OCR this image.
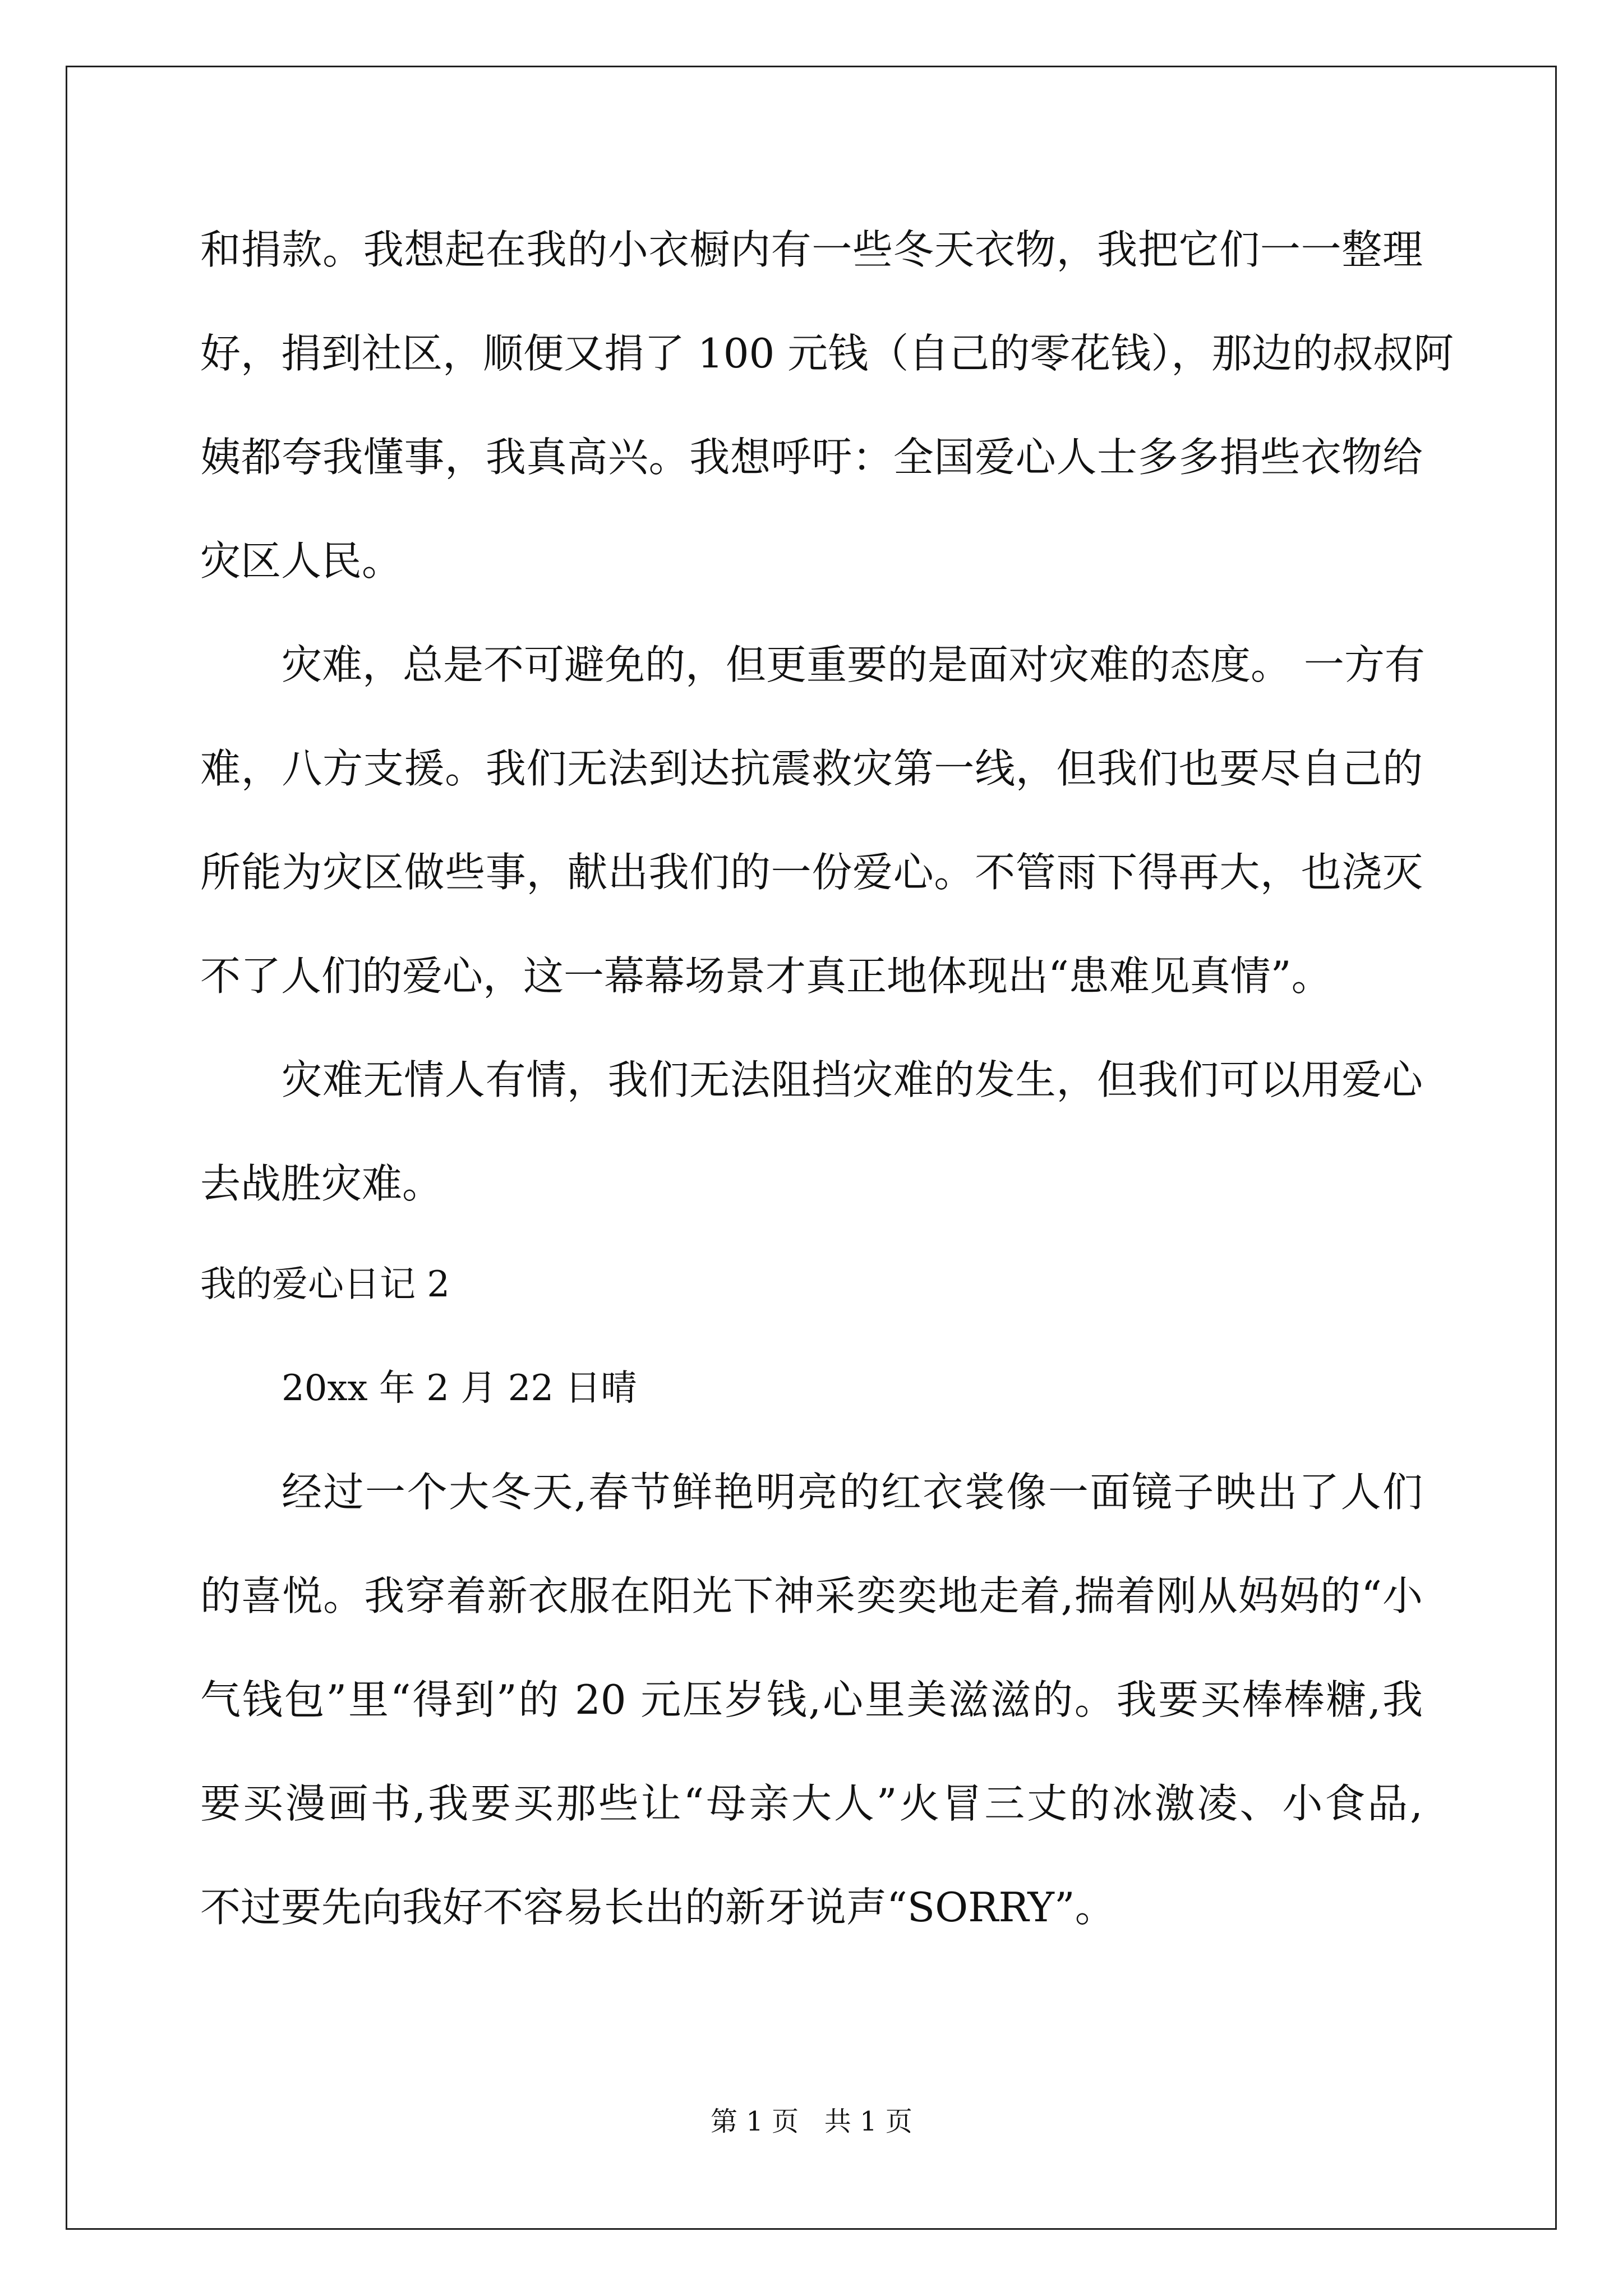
和捐款。我想起在我的小衣橱内有一些冬天衣物，我把它们一一整理
好，捐到社区，顺便又捐了 100 元钱（自己的零花钱），那边的叔叔阿
姨都夸我懂事，我真高兴。我想呼吁：全国爱心人士多多捐些衣物给
灾区人民。
灾难，总是不可避免的，但更重要的是面对灾难的态度。 一方有
难，八方支援。我们无法到达抗震救灾第一线，但我们也要尽自己的
所能为灾区做些事，献出我们的一份爱心。不管雨下得再大，也浇灭
不了人们的爱心，这一幕幕场景才真正地体现出“患难见真情”。
灾难无情人有情，我们无法阻挡灾难的发生，但我们可以用爱心
去战胜灾难。
我的爱心日记 2
20xx 年 2 月 22 日晴
经过一个大冬天,春节鲜艳明亮的红衣裳像一面镜子映出了人们
的喜悦。我穿着新衣服在阳光下神采奕奕地走着,揣着刚从妈妈的“小
气钱包”里“得到”的 20 元压岁钱,心里美滋滋的。我要买棒棒糖,我
要买漫画书,我要买那些让“母亲大人”火冒三丈的冰激凌、小食品,
不过要先向我好不容易长出的新牙说声“SORRY”。
第 1 页   共 1 页
